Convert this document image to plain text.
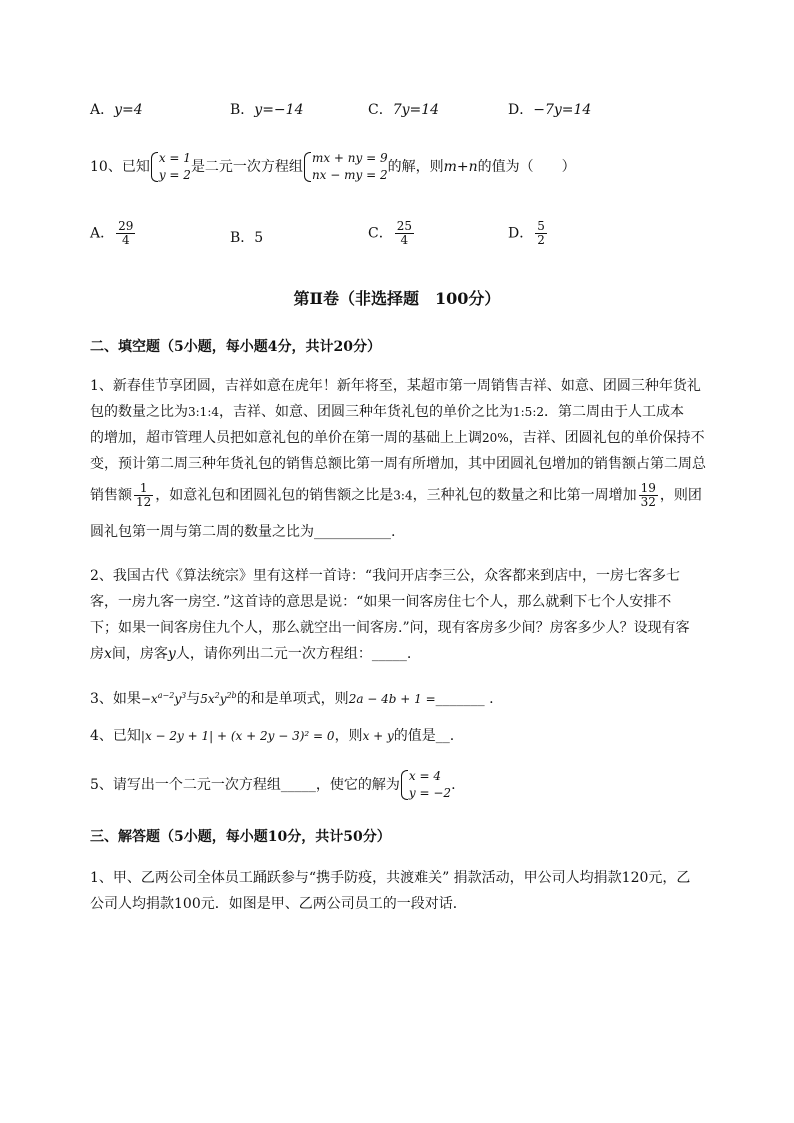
A．y=4	B．y=−14	C．7y=14	D．−7y=14
10、已知
x = 1
y = 2 是二元一次方程组
mx + ny = 9
nx − my = 2 的解，则m+n的值为（　　）
A． $\frac{29}{4}$	B．5	C． $\frac{25}{4}$	D． $\frac{5}{2}$
第Ⅱ卷（非选择题　100分）
二、填空题（5小题，每小题4分，共计20分）
1、新春佳节享团圆，吉祥如意在虎年！新年将至，某超市第一周销售吉祥、如意、团圆三种年货礼
包的数量之比为3:1:4，吉祥、如意、团圆三种年货礼包的单价之比为1:5:2．第二周由于人工成本
的增加，超市管理人员把如意礼包的单价在第一周的基础上上调20%，吉祥、团圆礼包的单价保持不
变，预计第二周三种年货礼包的销售总额比第一周有所增加，其中团圆礼包增加的销售额占第二周总
销售额 $\frac{1}{12}$ ，如意礼包和团圆礼包的销售额之比是3:4，三种礼包的数量之和比第一周增加 $\frac{19}{32}$ ，则团
圆礼包第一周与第二周的数量之比为___________.
2、我国古代《算法统宗》里有这样一首诗：“我问开店李三公，众客都来到店中，一房七客多七
客，一房九客一房空．”这首诗的意思是说：“如果一间客房住七个人，那么就剩下七个人安排不
下；如果一间客房住九个人，那么就空出一间客房.”问，现有客房多少间？房客多少人？设现有客
房x间，房客y人，请你列出二元一次方程组：_____.
3、如果$-x^{a-2}y^3$与$5x^2y^{2b}$的和是单项式，则2a − 4b + 1 =_______ .
4、已知|x − 2y + 1| + (x + 2y − 3)² = 0，则x + y的值是__.
5、请写出一个二元一次方程组_____，使它的解为
x = 4
y = −2 .
三、解答题（5小题，每小题10分，共计50分）
1、甲、乙两公司全体员工踊跃参与“携手防疫，共渡难关” 捐款活动，甲公司人均捐款120元，乙
公司人均捐款100元．如图是甲、乙两公司员工的一段对话．
